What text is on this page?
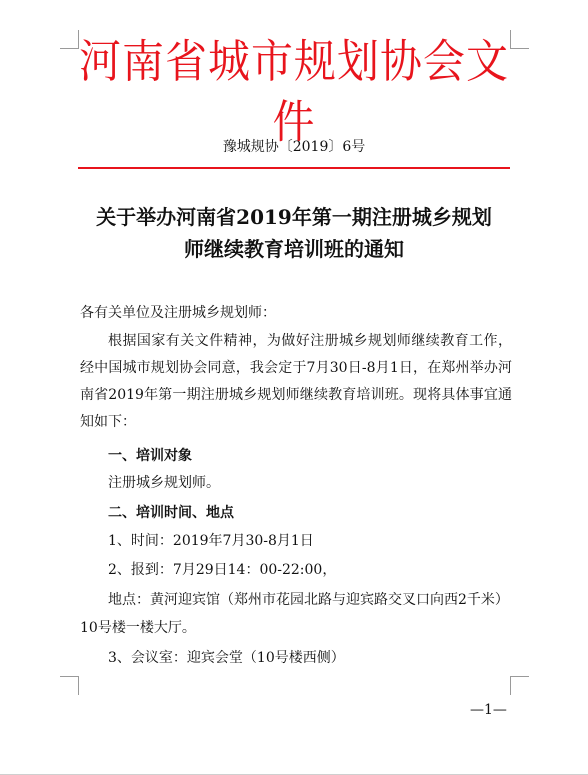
河南省城市规划协会文件
豫城规协〔2019〕6号
关于举办河南省2019年第一期注册城乡规划
师继续教育培训班的通知
各有关单位及注册城乡规划师：
根据国家有关文件精神，为做好注册城乡规划师继续教育工作，经中国城市规划协会同意，我会定于7月30日-8月1日，在郑州举办河南省2019年第一期注册城乡规划师继续教育培训班。现将具体事宜通知如下：
一、培训对象
注册城乡规划师。
二、培训时间、地点
1、时间：2019年7月30-8月1日
2、报到：7月29日14：00-22:00，
地点：黄河迎宾馆（郑州市花园北路与迎宾路交叉口向西2千米）
10号楼一楼大厅。
3、会议室：迎宾会堂（10号楼西侧）
—1—
